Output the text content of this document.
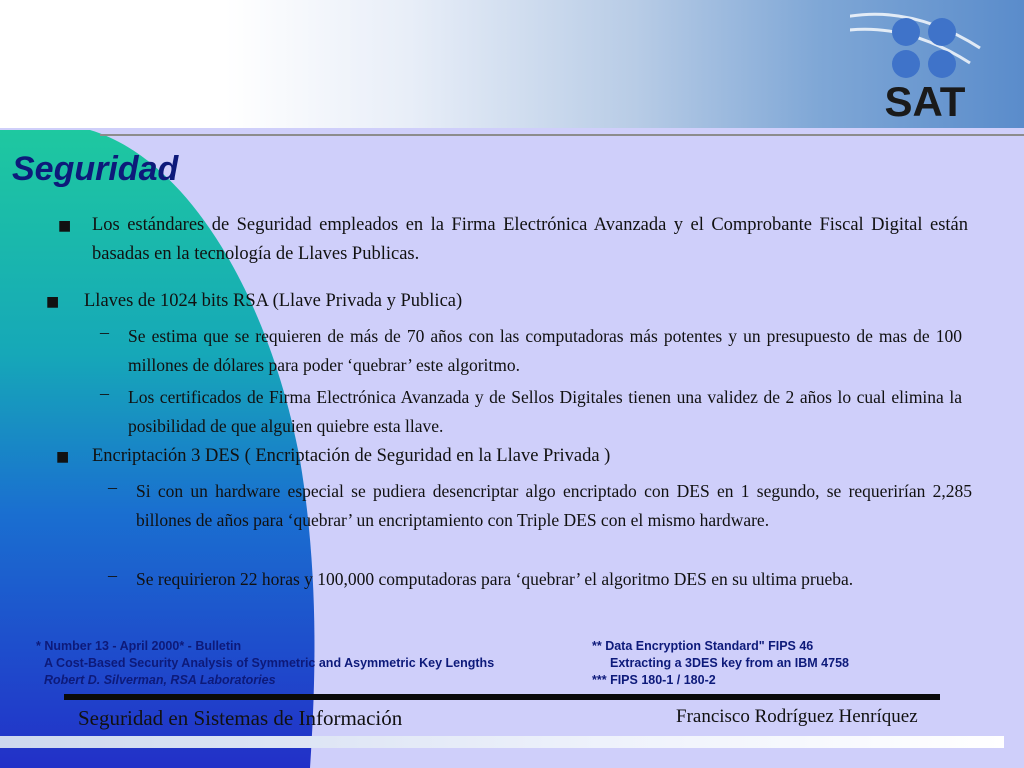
SAT
Seguridad
■ Los estándares de Seguridad empleados en la Firma Electrónica Avanzada y el Comprobante Fiscal Digital están basadas en la tecnología de Llaves Publicas.
■ Llaves de 1024 bits RSA (Llave Privada y Publica)
– Se estima que se requieren de más de 70 años con las computadoras más potentes y un presupuesto de mas de 100 millones de dólares para poder ‘quebrar’ este algoritmo.
– Los certificados de Firma Electrónica Avanzada y de Sellos Digitales tienen una validez de 2 años lo cual elimina la posibilidad de que alguien quiebre esta llave.
■ Encriptación 3 DES ( Encriptación de Seguridad en la Llave Privada )
– Si con un hardware especial se pudiera desencriptar algo encriptado con DES en 1 segundo, se requerirían 2,285 billones de años para ‘quebrar’ un encriptamiento con Triple DES con el mismo hardware.
– Se requirieron 22 horas y 100,000 computadoras para ‘quebrar’ el algoritmo DES en su ultima prueba.
* Number 13 - April 2000* - Bulletin
A Cost-Based Security Analysis of Symmetric and Asymmetric Key Lengths
Robert D. Silverman, RSA Laboratories
** Data Encryption Standard" FIPS 46
Extracting a 3DES key from an IBM 4758
*** FIPS 180-1 / 180-2
Seguridad en Sistemas de Información	Francisco Rodríguez Henríquez
